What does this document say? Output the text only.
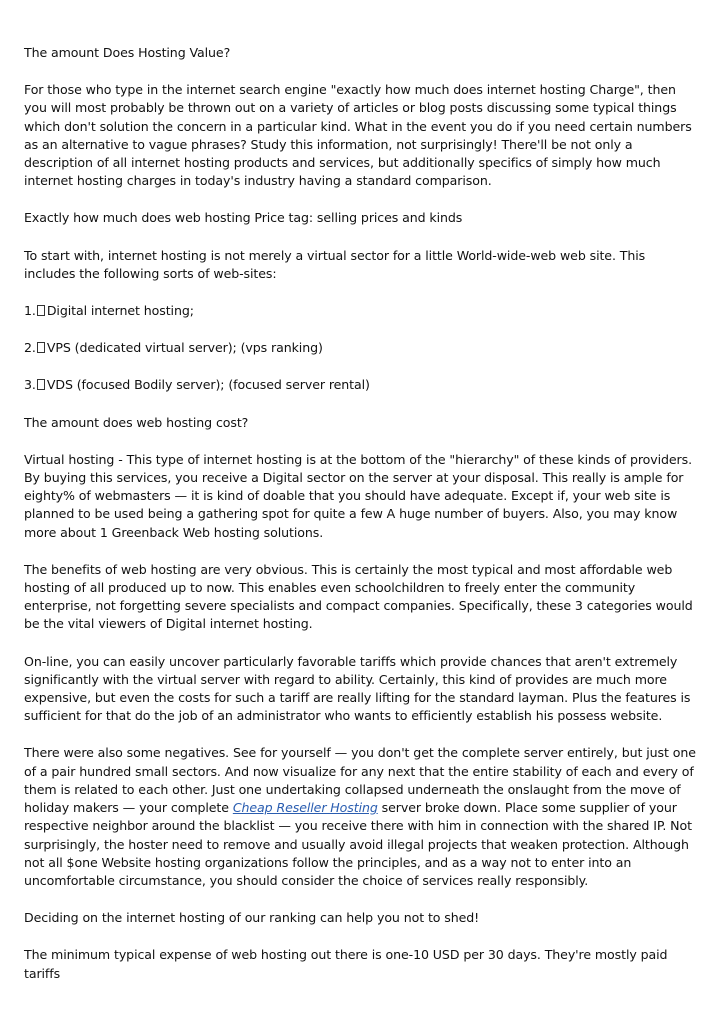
The amount Does Hosting Value?

For those who type in the internet search engine "exactly how much does internet hosting Charge", then you will most probably be thrown out on a variety of articles or blog posts discussing some typical things which don't solution the concern in a particular kind. What in the event you do if you need certain numbers as an alternative to vague phrases? Study this information, not surprisingly! There'll be not only a description of all internet hosting products and services, but additionally specifics of simply how much internet hosting charges in today's industry having a standard comparison.

Exactly how much does web hosting Price tag: selling prices and kinds

To start with, internet hosting is not merely a virtual sector for a little World-wide-web web site. This includes the following sorts of web-sites:

1. Digital internet hosting;

2. VPS (dedicated virtual server); (vps ranking)

3. VDS (focused Bodily server); (focused server rental)

The amount does web hosting cost?

Virtual hosting - This type of internet hosting is at the bottom of the "hierarchy" of these kinds of providers. By buying this services, you receive a Digital sector on the server at your disposal. This really is ample for eighty% of webmasters — it is kind of doable that you should have adequate. Except if, your web site is planned to be used being a gathering spot for quite a few A huge number of buyers. Also, you may know more about 1 Greenback Web hosting solutions.

The benefits of web hosting are very obvious. This is certainly the most typical and most affordable web hosting of all produced up to now. This enables even schoolchildren to freely enter the community enterprise, not forgetting severe specialists and compact companies. Specifically, these 3 categories would be the vital viewers of Digital internet hosting.

On-line, you can easily uncover particularly favorable tariffs which provide chances that aren't extremely significantly with the virtual server with regard to ability. Certainly, this kind of provides are much more expensive, but even the costs for such a tariff are really lifting for the standard layman. Plus the features is sufficient for that do the job of an administrator who wants to efficiently establish his possess website.

There were also some negatives. See for yourself — you don't get the complete server entirely, but just one of a pair hundred small sectors. And now visualize for any next that the entire stability of each and every of them is related to each other. Just one undertaking collapsed underneath the onslaught from the move of holiday makers — your complete Cheap Reseller Hosting server broke down. Place some supplier of your respective neighbor around the blacklist — you receive there with him in connection with the shared IP. Not surprisingly, the hoster need to remove and usually avoid illegal projects that weaken protection. Although not all $one Website hosting organizations follow the principles, and as a way not to enter into an uncomfortable circumstance, you should consider the choice of services really responsibly.

Deciding on the internet hosting of our ranking can help you not to shed!

The minimum typical expense of web hosting out there is one-10 USD per 30 days. They're mostly paid tariffs
